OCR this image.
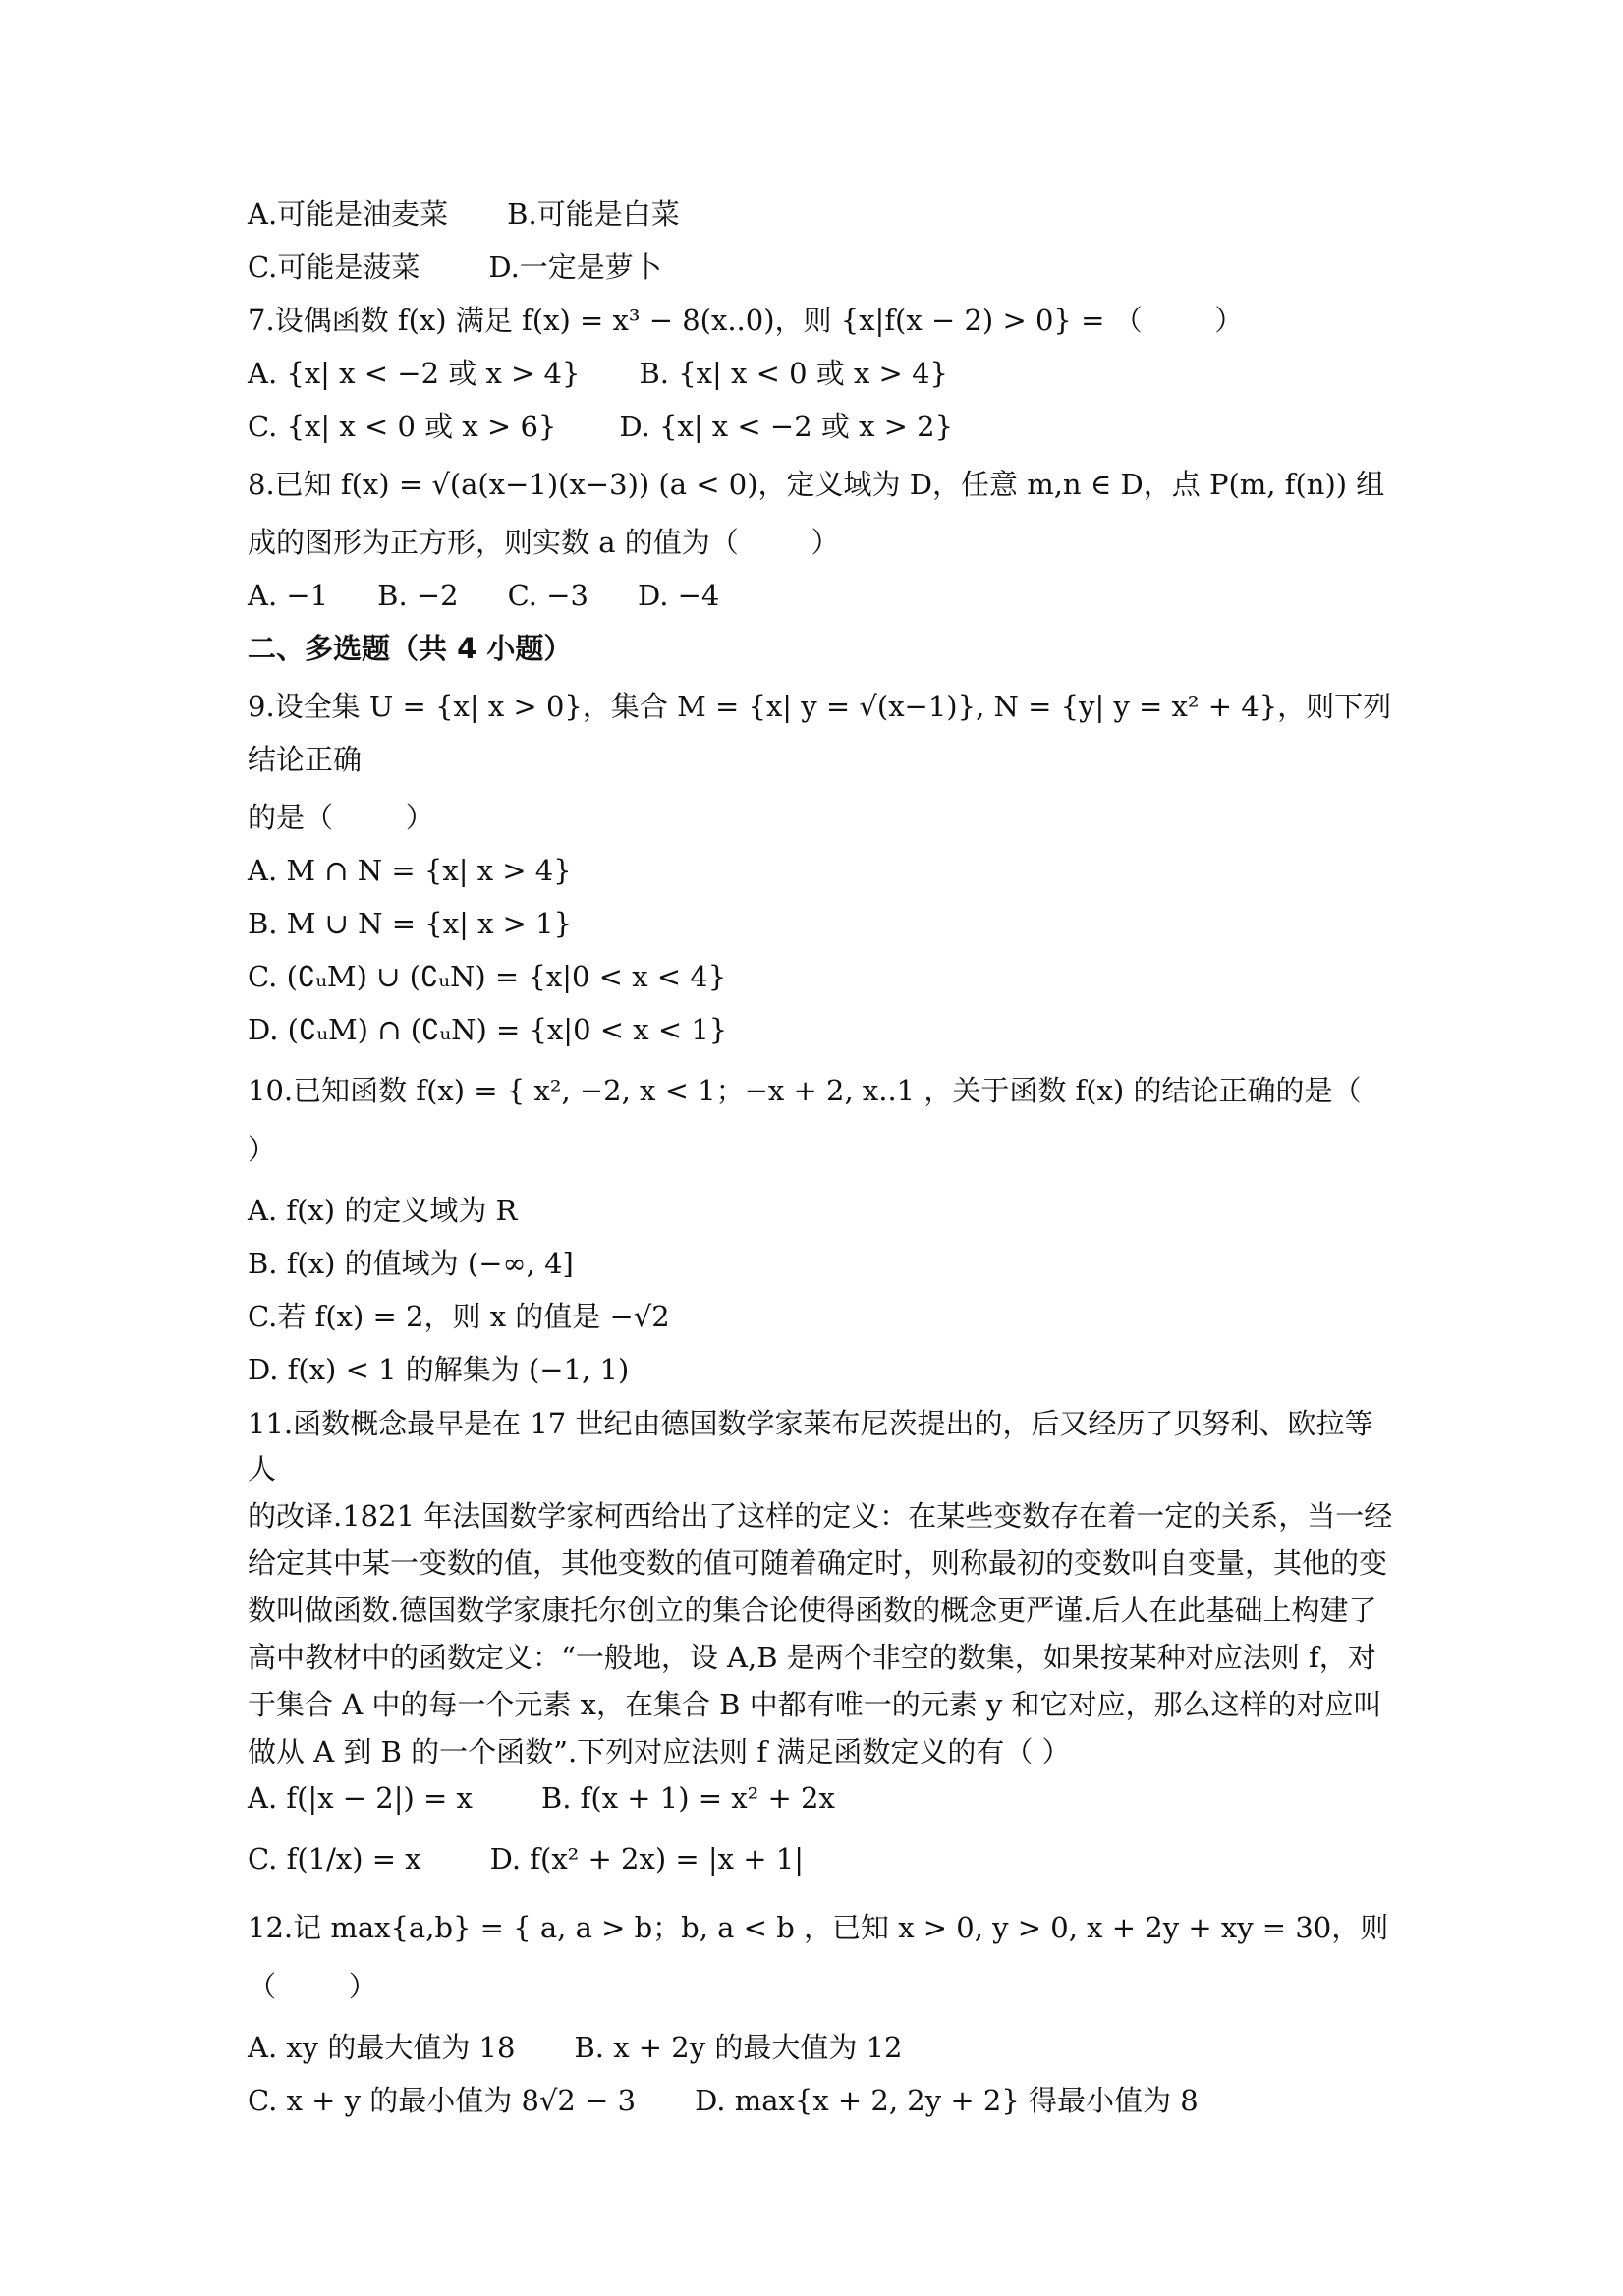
A.可能是油麦菜 B.可能是白菜
C.可能是菠菜 D.一定是萝卜
7.设偶函数 f(x) 满足 f(x) = x³ − 8(x..0)，则 {x|f(x − 2) > 0} = （        ）
A. {x| x < −2 或 x > 4} B. {x| x < 0 或 x > 4}
C. {x| x < 0 或 x > 6} D. {x| x < −2 或 x > 2}
8.已知 f(x) = √(a(x−1)(x−3)) (a < 0)，定义域为 D，任意 m,n ∈ D，点 P(m, f(n)) 组
成的图形为正方形，则实数 a 的值为（        ）
A. −1 B. −2 C. −3 D. −4
二、多选题（共 4 小题）
9.设全集 U = {x| x > 0}，集合 M = {x| y = √(x−1)}, N = {y| y = x² + 4}，则下列结论正确
的是（        ）
A. M ∩ N = {x| x > 4}
B. M ∪ N = {x| x > 1}
C. (∁ᵤM) ∪ (∁ᵤN) = {x|0 < x < 4}
D. (∁ᵤM) ∩ (∁ᵤN) = {x|0 < x < 1}
10.已知函数 f(x) = { x², −2, x < 1；−x + 2, x..1 ，关于函数 f(x) 的结论正确的是（        ）
A. f(x) 的定义域为 R
B. f(x) 的值域为 (−∞, 4]
C.若 f(x) = 2，则 x 的值是 −√2
D. f(x) < 1 的解集为 (−1, 1)

11.函数概念最早是在 17 世纪由德国数学家莱布尼茨提出的，后又经历了贝努利、欧拉等人

的改译.1821 年法国数学家柯西给出了这样的定义：在某些变数存在着一定的关系，当一经

给定其中某一变数的值，其他变数的值可随着确定时，则称最初的变数叫自变量，其他的变

数叫做函数.德国数学家康托尔创立的集合论使得函数的概念更严谨.后人在此基础上构建了

高中教材中的函数定义：“一般地，设 A,B 是两个非空的数集，如果按某种对应法则 f，对

于集合 A 中的每一个元素 x，在集合 B 中都有唯一的元素 y 和它对应，那么这样的对应叫

做从 A 到 B 的一个函数”.下列对应法则 f 满足函数定义的有（ ）

A. f(|x − 2|) = x B. f(x + 1) = x² + 2x
C. f(1/x) = x D. f(x² + 2x) = |x + 1|
12.记 max{a,b} = { a, a > b；b, a < b ，已知 x > 0, y > 0, x + 2y + xy = 30，则（        ）
A. xy 的最大值为 18 B. x + 2y 的最大值为 12
C. x + y 的最小值为 8√2 − 3 D. max{x + 2, 2y + 2} 得最小值为 8
